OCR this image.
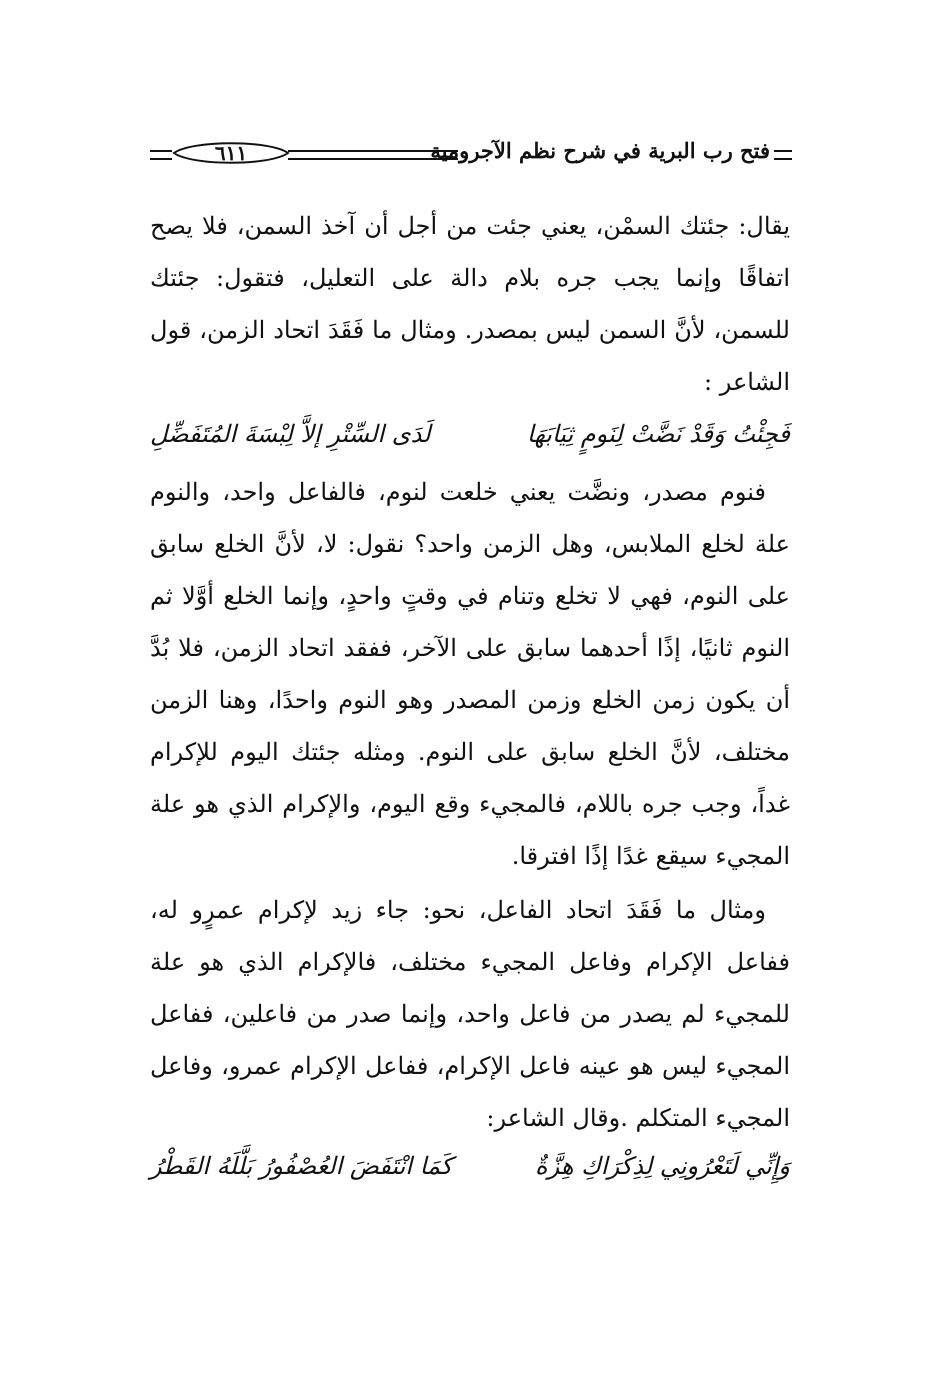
فتح رب البرية في شرح نظم الآجرومية
٦١١
يقال: جئتك السمْن، يعني جئت من أجل أن آخذ السمن، فلا يصح اتفاقًا وإنما يجب جره بلام دالة على التعليل، فتقول: جئتك للسمن، لأنَّ السمن ليس بمصدر. ومثال ما فَقَدَ اتحاد الزمن، قول الشاعر :
فَجِئْتُ وَقَدْ نَضَّتْ لِنَومٍ ثِيَابَهَا
لَدَى السِّتْرِ إلاَّ لِبْسَةَ المُتَفَضِّلِ
فنوم مصدر، ونضَّت يعني خلعت لنوم، فالفاعل واحد، والنوم علة لخلع الملابس، وهل الزمن واحد؟ نقول: لا، لأنَّ الخلع سابق على النوم، فهي لا تخلع وتنام في وقتٍ واحدٍ، وإنما الخلع أوَّلا ثم النوم ثانيًا، إذًا أحدهما سابق على الآخر، ففقد اتحاد الزمن، فلا بُدَّ أن يكون زمن الخلع وزمن المصدر وهو النوم واحدًا، وهنا الزمن مختلف، لأنَّ الخلع سابق على النوم. ومثله جئتك اليوم للإكرام غداً، وجب جره باللام، فالمجيء وقع اليوم، والإكرام الذي هو علة المجيء سيقع غدًا إذًا افترقا.
ومثال ما فَقَدَ اتحاد الفاعل، نحو: جاء زيد لإكرام عمرٍو له، ففاعل الإكرام وفاعل المجيء مختلف، فالإكرام الذي هو علة للمجيء لم يصدر من فاعل واحد، وإنما صدر من فاعلين، ففاعل المجيء ليس هو عينه فاعل الإكرام، ففاعل الإكرام عمرو، وفاعل المجيء المتكلم .وقال الشاعر:
وَإِنِّي لَتَعْرُونِي لِذِكْرَاكِ هِزَّةٌ
كَمَا انْتَفَضَ العُصْفُورُ بَلَّلَهُ القَطْرُ
